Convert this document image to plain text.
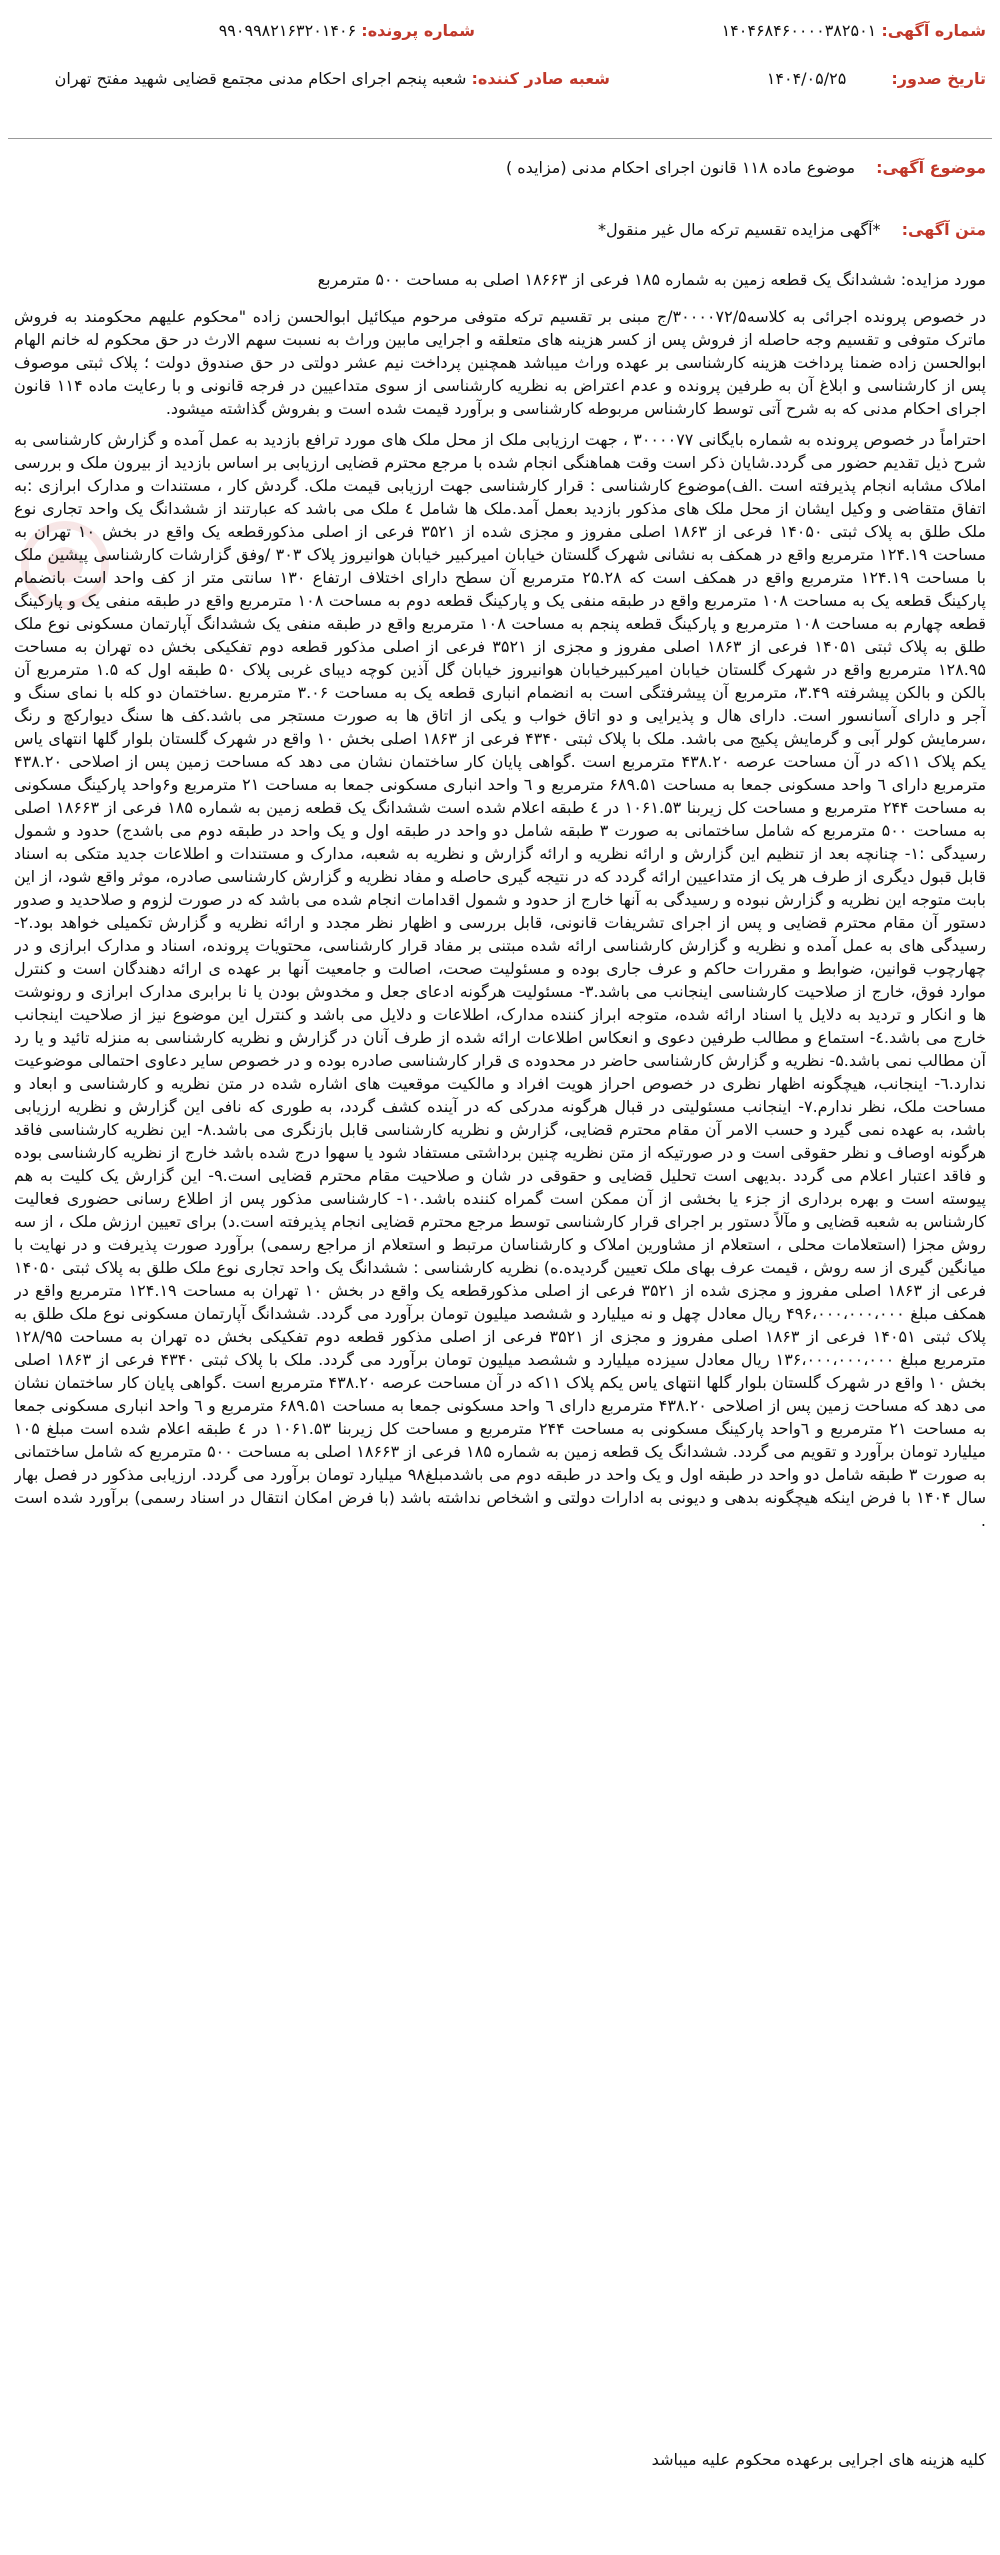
شماره آگهی: ۱۴۰۴۶۸۴۶۰۰۰۰۳۸۲۵۰۱
شماره پرونده: ۹۹۰۹۹۸۲۱۶۳۲۰۱۴۰۶
تاریخ صدور: ۱۴۰۴/۰۵/۲۵
شعبه صادر کننده: شعبه پنجم اجرای احکام مدنی مجتمع قضایی شهید مفتح تهران
موضوع آگهی: موضوع ماده ۱۱۸ قانون اجرای احکام مدنی (مزایده )
متن آگهی: *آگهی مزایده تقسیم ترکه مال غیر منقول*
مورد مزایده: ششدانگ یک قطعه زمین به شماره ۱۸۵ فرعی از ۱۸۶۶۳ اصلی به مساحت ۵۰۰ مترمربع

در خصوص پرونده اجرائی به کلاسه۳۰۰۰۰۷۲/۵/ج مبنی بر تقسیم ترکه متوفی مرحوم میکائیل ابوالحسن زاده "محکوم علیهم محکومند به فروش ماترک متوفی و تقسیم وجه حاصله از فروش پس از کسر هزینه های متعلقه و اجرایی مابین وراث به نسبت سهم الارث در حق محکوم له خانم الهام ابوالحسن زاده ضمنا پرداخت هزینه کارشناسی بر عهده وراث میباشد همچنین پرداخت نیم عشر دولتی در حق صندوق دولت ؛ پلاک ثبتی موصوف پس از کارشناسی و ابلاغ آن به طرفین پرونده و عدم اعتراض به نظریه کارشناسی از سوی متداعیین در فرجه قانونی و با رعایت ماده ۱۱۴ قانون اجرای احکام مدنی که به شرح آتی توسط کارشناس مربوطه کارشناسی و برآورد قیمت شده است و بفروش گذاشته میشود.

احتراماً در خصوص پرونده به شماره بایگانی ۳۰۰۰۰۷۷ ، جهت ارزیابی ملک از محل ملک های مورد ترافع بازدید به عمل آمده و گزارش کارشناسی به شرح ذیل تقدیم حضور می گردد.شایان ذکر است وقت هماهنگی انجام شده با مرجع محترم قضایی ارزیابی بر اساس بازدید از بیرون ملک و بررسی املاک مشابه انجام پذیرفته است .الف)موضوع کارشناسی : قرار کارشناسی جهت ارزیابی قیمت ملک. گردش کار ، مستندات و مدارک ابرازی :به اتفاق متقاضی و وکیل ایشان از محل ملک های مذکور بازدید بعمل آمد.ملک ها شامل ٤ ملک می باشد که عبارتند از ششدانگ یک واحد تجاری نوع ملک طلق به پلاک ثبتی ۱۴۰۵۰ فرعی از ۱۸۶۳ اصلی مفروز و مجزی شده از ۳۵۲۱ فرعی از اصلی مذکورقطعه یک واقع در بخش ۱۰ تهران به مساحت ۱۲۴.۱۹ مترمربع واقع در همکف به نشانی شهرک گلستان خیابان امیرکبیر خیابان هوانیروز پلاک ۳۰۳ /وفق گزارشات کارشناسی پیشین ملک با مساحت ۱۲۴.۱۹ مترمربع واقع در همکف است که ۲۵.۲۸ مترمربع آن سطح دارای اختلاف ارتفاع ۱۳۰ سانتی متر از کف واحد است بانضمام پارکینگ قطعه یک به مساحت ۱۰۸ مترمربع واقع در طبقه منفی یک و پارکینگ قطعه دوم به مساحت ۱۰۸ مترمربع واقع در طبقه منفی یک و پارکینگ قطعه چهارم به مساحت ۱۰۸ مترمربع و پارکینگ قطعه پنجم به مساحت ۱۰۸ مترمربع واقع در طبقه منفی یک ششدانگ آپارتمان مسکونی نوع ملک طلق به پلاک ثبتی ۱۴۰۵۱ فرعی از ۱۸۶۳ اصلی مفروز و مجزی از ۳۵۲۱ فرعی از اصلی مذکور قطعه دوم تفکیکی بخش ده تهران به مساحت ۱۲۸.۹۵ مترمربع واقع در شهرک گلستان خیابان امیرکبیرخیابان هوانیروز خیابان گل آذین کوچه دیبای غربی پلاک ۵۰ طبقه اول که ۱.۵ مترمربع آن بالکن و بالکن پیشرفته ۳.۴۹، مترمربع آن پیشرفتگی است به انضمام انباری قطعه یک به مساحت ۳.۰۶ مترمربع .ساختمان دو کله با نمای سنگ و آجر و دارای آسانسور است. دارای هال و پذیرایی و دو اتاق خواب و یکی از اتاق ها به صورت مستجر می باشد.کف ها سنگ دیوارکچ و رنگ ،سرمایش کولر آبی و گرمایش پکیج می باشد. ملک با پلاک ثبتی ۴۳۴۰ فرعی از ۱۸۶۳ اصلی بخش ۱۰ واقع در شهرک گلستان بلوار گلها انتهای یاس یکم پلاک ۱۱که در آن مساحت عرصه ۴۳۸.۲۰ مترمربع است .گواهی پایان کار ساختمان نشان می دهد که مساحت زمین پس از اصلاحی ۴۳۸.۲۰ مترمربع دارای ٦ واحد مسکونی جمعا به مساحت ۶۸۹.۵۱ مترمربع و ٦ واحد انباری مسکونی جمعا به مساحت ۲۱ مترمربع و۶واحد پارکینگ مسکونی به مساحت ۲۴۴ مترمربع و مساحت کل زیربنا ۱۰۶۱.۵۳ در ٤ طبقه اعلام شده است ششدانگ یک قطعه زمین به شماره ۱۸۵ فرعی از ۱۸۶۶۳ اصلی به مساحت ۵۰۰ مترمربع که شامل ساختمانی به صورت ۳ طبقه شامل دو واحد در طبقه اول و یک واحد در طبقه دوم می باشدج) حدود و شمول رسیدگی :۱- چنانچه بعد از تنظیم این گزارش و ارائه نظریه و ارائه گزارش و نظریه به شعبه، مدارک و مستندات و اطلاعات جدید متکی به اسناد قابل قبول دیگری از طرف هر یک از متداعیین ارائه گردد که در نتیجه گیری حاصله و مفاد نظریه و گزارش کارشناسی صادره، موثر واقع شود، از این بابت متوجه این نظریه و گزارش نبوده و رسیدگی به آنها خارج از حدود و شمول اقدامات انجام شده می باشد که در صورت لزوم و صلاحدید و صدور دستور آن مقام محترم قضایی و پس از اجرای تشریفات قانونی، قابل بررسی و اظهار نظر مجدد و ارائه نظریه و گزارش تکمیلی خواهد بود.۲- رسیدگی های به عمل آمده و نظریه و گزارش کارشناسی ارائه شده مبتنی بر مفاد قرار کارشناسی، محتویات پرونده، اسناد و مدارک ابرازی و در چهارچوب قوانین، ضوابط و مقررات حاکم و عرف جاری بوده و مسئولیت صحت، اصالت و جامعیت آنها بر عهده ی ارائه دهندگان است و کنترل موارد فوق، خارج از صلاحیت کارشناسی اینجانب می باشد.۳- مسئولیت هرگونه ادعای جعل و مخدوش بودن یا نا برابری مدارک ابرازی و رونوشت ها و انکار و تردید به دلایل یا اسناد ارائه شده، متوجه ابراز کننده مدارک، اطلاعات و دلایل می باشد و کنترل این موضوع نیز از صلاحیت اینجانب خارج می باشد.٤- استماع و مطالب طرفین دعوی و انعکاس اطلاعات ارائه شده از طرف آنان در گزارش و نظریه کارشناسی به منزله تائید و یا رد آن مطالب نمی باشد.۵- نظریه و گزارش کارشناسی حاضر در محدوده ی قرار کارشناسی صادره بوده و در خصوص سایر دعاوی احتمالی موضوعیت ندارد.٦- اینجانب، هیچگونه اظهار نظری در خصوص احراز هویت افراد و مالکیت موقعیت های اشاره شده در متن نظریه و کارشناسی و ابعاد و مساحت ملک، نظر ندارم.۷- اینجانب مسئولیتی در قبال هرگونه مدرکی که در آینده کشف گردد، به طوری که نافی این گزارش و نظریه ارزیابی باشد، به عهده نمی گیرد و حسب الامر آن مقام محترم قضایی، گزارش و نظریه کارشناسی قابل بازنگری می باشد.۸- این نظریه کارشناسی فاقد هرگونه اوصاف و نظر حقوقی است و در صورتیکه از متن نظریه چنین برداشتی مستفاد شود یا سهوا درج شده باشد خارج از نظریه کارشناسی بوده و فاقد اعتبار اعلام می گردد .بدیهی است تحلیل قضایی و حقوقی در شان و صلاحیت مقام محترم قضایی است.۹- این گزارش یک کلیت به هم پیوسته است و بهره برداری از جزء یا بخشی از آن ممکن است گمراه کننده باشد.۱۰- کارشناسی مذکور پس از اطلاع رسانی حضوری فعالیت کارشناس به شعبه قضایی و مآلاً دستور بر اجرای قرار کارشناسی توسط مرجع محترم قضایی انجام پذیرفته است.د) برای تعیین ارزش ملک ، از سه روش مجزا (استعلامات محلی ، استعلام از مشاورین املاک و کارشناسان مرتبط و استعلام از مراجع رسمی) برآورد صورت پذیرفت و در نهایت با میانگین گیری از سه روش ، قیمت عرف بهای ملک تعیین گردیده.ه) نظریه کارشناسی : ششدانگ یک واحد تجاری نوع ملک طلق به پلاک ثبتی ۱۴۰۵۰ فرعی از ۱۸۶۳ اصلی مفروز و مجزی شده از ۳۵۲۱ فرعی از اصلی مذکورقطعه یک واقع در بخش ۱۰ تهران به مساحت ۱۲۴.۱۹ مترمربع واقع در همکف مبلغ ۴۹۶،۰۰۰،۰۰۰،۰۰۰ ریال معادل چهل و نه میلیارد و ششصد میلیون تومان برآورد می گردد. ششدانگ آپارتمان مسکونی نوع ملک طلق به پلاک ثبتی ۱۴۰۵۱ فرعی از ۱۸۶۳ اصلی مفروز و مجزی از ۳۵۲۱ فرعی از اصلی مذکور قطعه دوم تفکیکی بخش ده تهران به مساحت ۱۲۸/۹۵ مترمربع مبلغ ۱۳۶،۰۰۰،۰۰۰،۰۰۰ ریال معادل سیزده میلیارد و ششصد میلیون تومان برآورد می گردد. ملک با پلاک ثبتی ۴۳۴۰ فرعی از ۱۸۶۳ اصلی بخش ۱۰ واقع در شهرک گلستان بلوار گلها انتهای یاس یکم پلاک ۱۱که در آن مساحت عرصه ۴۳۸.۲۰ مترمربع است .گواهی پایان کار ساختمان نشان می دهد که مساحت زمین پس از اصلاحی ۴۳۸.۲۰ مترمربع دارای ٦ واحد مسکونی جمعا به مساحت ۶۸۹.۵۱ مترمربع و ٦ واحد انباری مسکونی جمعا به مساحت ۲۱ مترمربع و ٦واحد پارکینگ مسکونی به مساحت ۲۴۴ مترمربع و مساحت کل زیربنا ۱۰۶۱.۵۳ در ٤ طبقه اعلام شده است مبلغ ۱۰۵ میلیارد تومان برآورد و تقویم می گردد. ششدانگ یک قطعه زمین به شماره ۱۸۵ فرعی از ۱۸۶۶۳ اصلی به مساحت ۵۰۰ مترمربع که شامل ساختمانی به صورت ۳ طبقه شامل دو واحد در طبقه اول و یک واحد در طبقه دوم می باشدمبلغ۹۸ میلیارد تومان برآورد می گردد. ارزیابی مذکور در فصل بهار سال ۱۴۰۴ با فرض اینکه هیچگونه بدهی و دیونی به ادارات دولتی و اشخاص نداشته باشد (با فرض امکان انتقال در اسناد رسمی) برآورد شده است .

کلیه هزینه های اجرایی برعهده محکوم علیه میباشد
